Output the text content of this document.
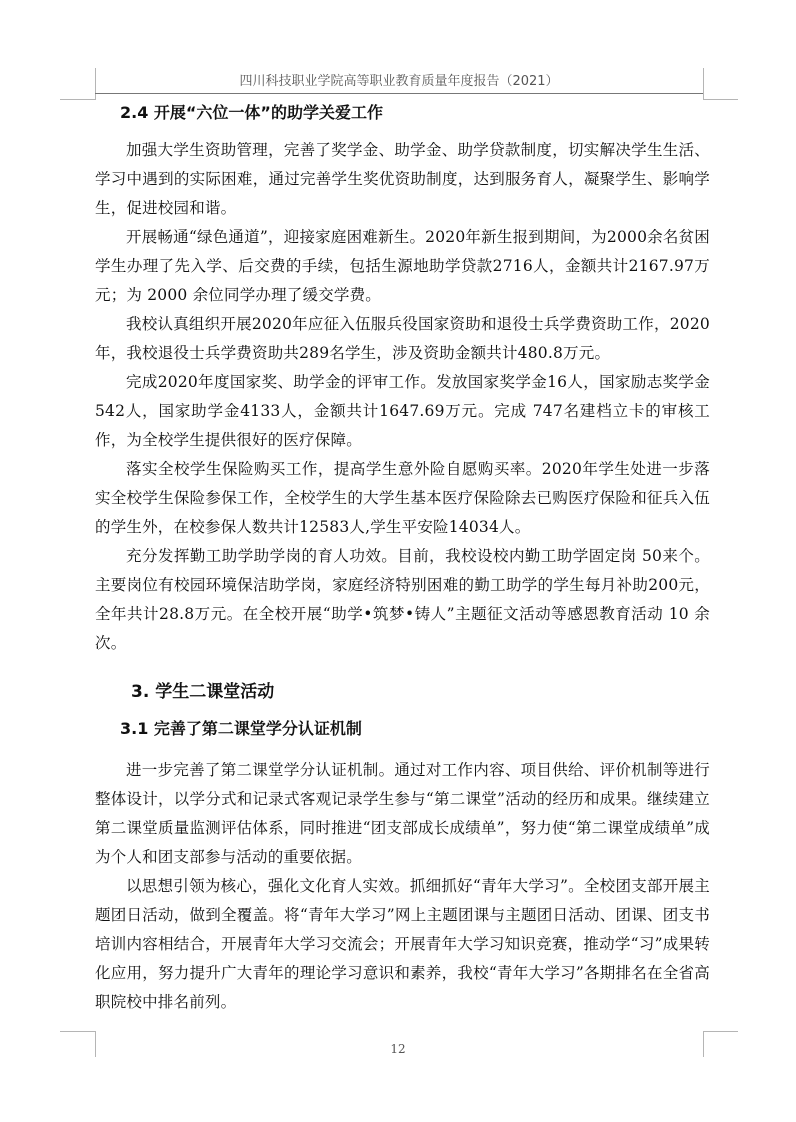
四川科技职业学院高等职业教育质量年度报告（2021）
2.4 开展“六位一体”的助学关爱工作

加强大学生资助管理，完善了奖学金、助学金、助学贷款制度，切实解决学生生活、学习中遇到的实际困难，通过完善学生奖优资助制度，达到服务育人，凝聚学生、影响学生，促进校园和谐。

开展畅通“绿色通道”，迎接家庭困难新生。2020年新生报到期间，为2000余名贫困学生办理了先入学、后交费的手续，包括生源地助学贷款2716人，金额共计2167.97万元；为 2000 余位同学办理了缓交学费。

我校认真组织开展2020年应征入伍服兵役国家资助和退役士兵学费资助工作，2020年，我校退役士兵学费资助共289名学生，涉及资助金额共计480.8万元。

完成2020年度国家奖、助学金的评审工作。发放国家奖学金16人，国家励志奖学金542人，国家助学金4133人，金额共计1647.69万元。完成 747名建档立卡的审核工作，为全校学生提供很好的医疗保障。

落实全校学生保险购买工作，提高学生意外险自愿购买率。2020年学生处进一步落实全校学生保险参保工作，全校学生的大学生基本医疗保险除去已购医疗保险和征兵入伍的学生外，在校参保人数共计12583人,学生平安险14034人。

充分发挥勤工助学助学岗的育人功效。目前，我校设校内勤工助学固定岗 50来个。主要岗位有校园环境保洁助学岗，家庭经济特别困难的勤工助学的学生每月补助200元，全年共计28.8万元。在全校开展“助学•筑梦•铸人”主题征文活动等感恩教育活动 10 余次。

3. 学生二课堂活动
3.1 完善了第二课堂学分认证机制

进一步完善了第二课堂学分认证机制。通过对工作内容、项目供给、评价机制等进行整体设计，以学分式和记录式客观记录学生参与“第二课堂”活动的经历和成果。继续建立第二课堂质量监测评估体系，同时推进“团支部成长成绩单”，努力使“第二课堂成绩单”成为个人和团支部参与活动的重要依据。

以思想引领为核心，强化文化育人实效。抓细抓好“青年大学习”。全校团支部开展主题团日活动，做到全覆盖。将“青年大学习”网上主题团课与主题团日活动、团课、团支书培训内容相结合，开展青年大学习交流会；开展青年大学习知识竞赛，推动学“习”成果转化应用，努力提升广大青年的理论学习意识和素养，我校“青年大学习”各期排名在全省高职院校中排名前列。

12
